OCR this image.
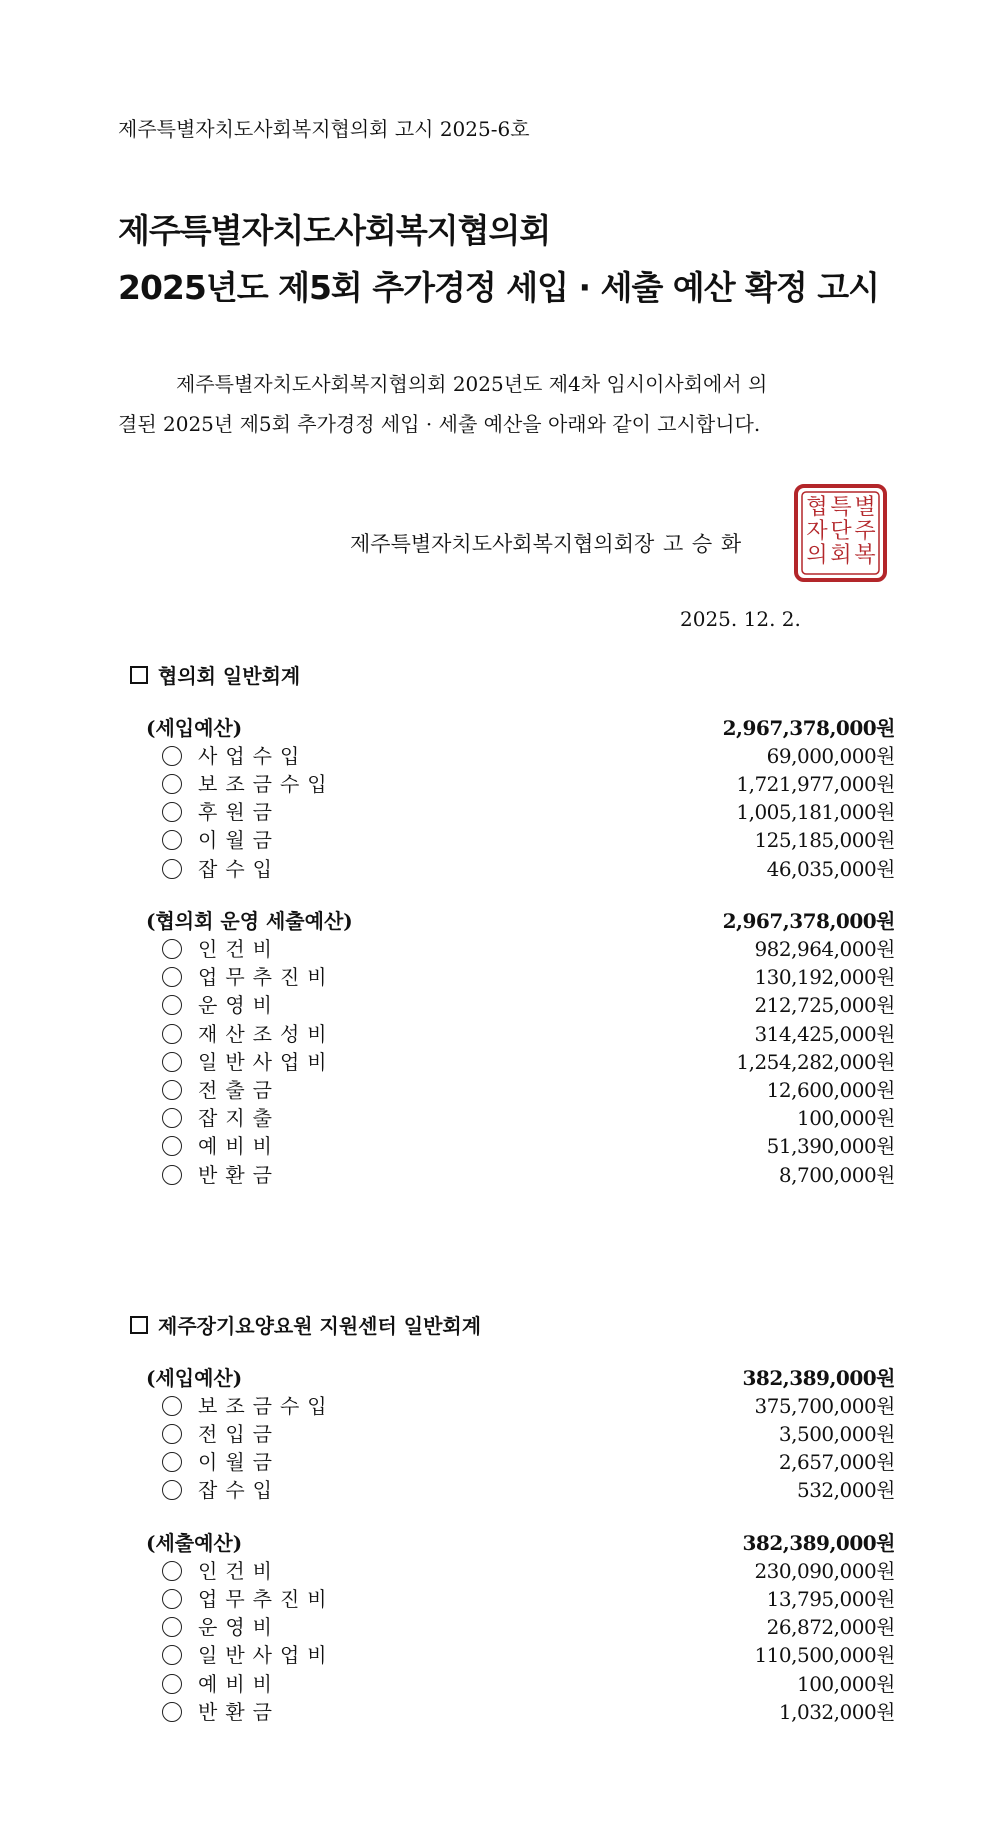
제주특별자치도사회복지협의회 고시 2025-6호
제주특별자치도사회복지협의회
2025년도 제5회 추가경정 세입 · 세출 예산 확정 고시
제주특별자치도사회복지협의회 2025년도 제4차 임시이사회에서 의
결된 2025년 제5회 추가경정 세입 · 세출 예산을 아래와 같이 고시합니다.
제주특별자치도사회복지협의회장 고 승 화
별
주
복
특
단
회
협
자
의
2025. 12. 2.
협의회 일반회계
(세입예산)	2,967,378,000원
사업수입	69,000,000원
보조금수입	1,721,977,000원
후원금	1,005,181,000원
이월금	125,185,000원
잡수입	46,035,000원
(협의회 운영 세출예산)	2,967,378,000원
인건비	982,964,000원
업무추진비	130,192,000원
운영비	212,725,000원
재산조성비	314,425,000원
일반사업비	1,254,282,000원
전출금	12,600,000원
잡지출	100,000원
예비비	51,390,000원
반환금	8,700,000원
제주장기요양요원 지원센터 일반회계
(세입예산)	382,389,000원
보조금수입	375,700,000원
전입금	3,500,000원
이월금	2,657,000원
잡수입	532,000원
(세출예산)	382,389,000원
인건비	230,090,000원
업무추진비	13,795,000원
운영비	26,872,000원
일반사업비	110,500,000원
예비비	100,000원
반환금	1,032,000원
